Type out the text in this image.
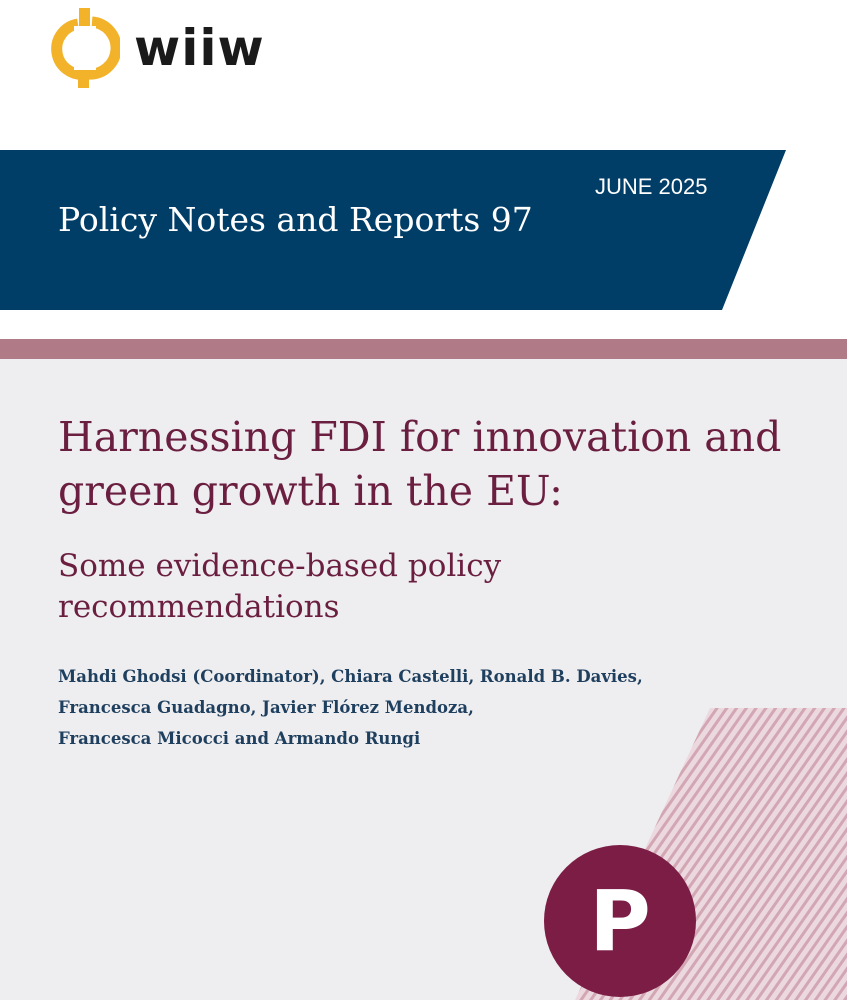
wiiw
JUNE 2025
Policy Notes and Reports 97
Harnessing FDI for innovation and green growth in the EU:
Some evidence-based policy recommendations
Mahdi Ghodsi (Coordinator), Chiara Castelli, Ronald B. Davies,
Francesca Guadagno, Javier Flórez Mendoza,
Francesca Micocci and Armando Rungi
P
